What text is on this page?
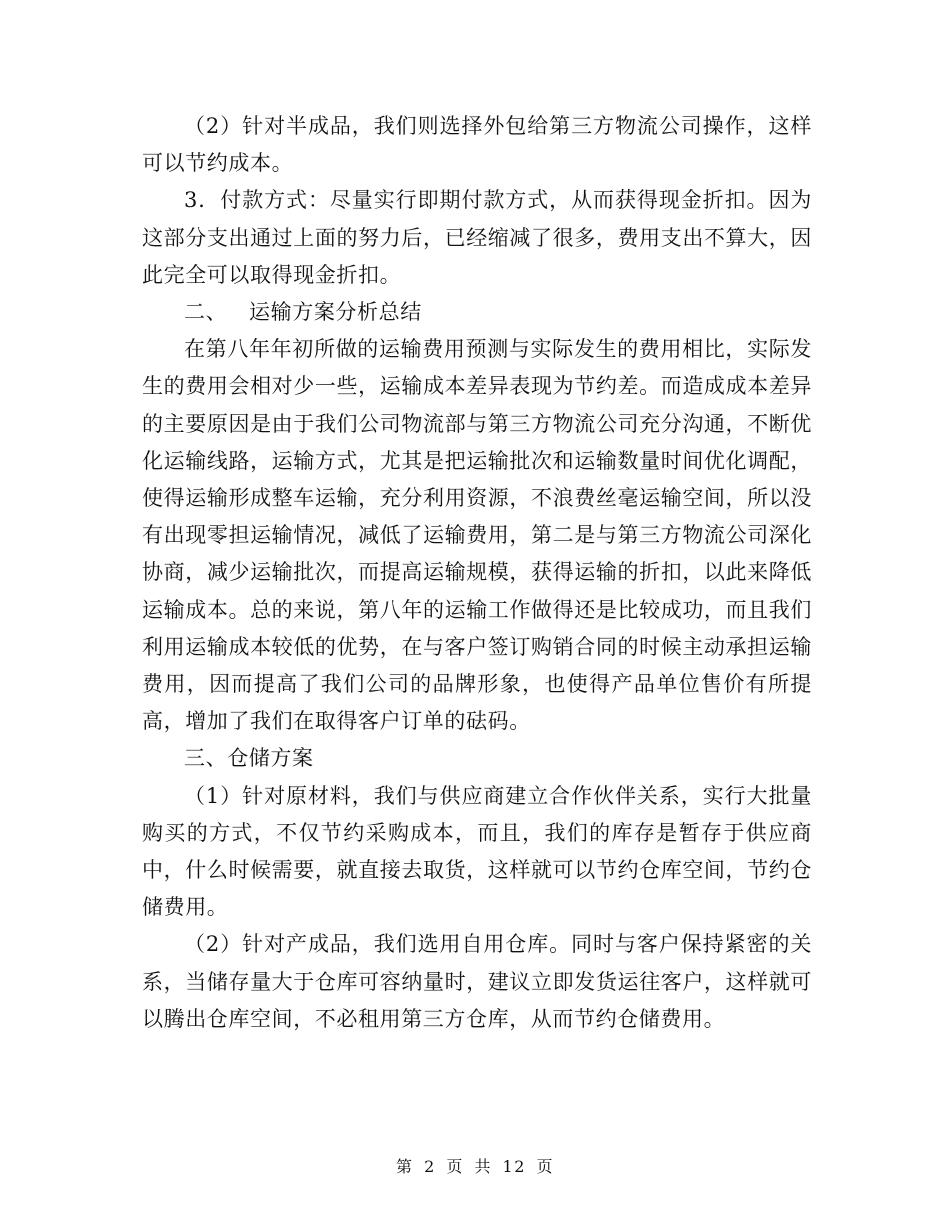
（2）针对半成品，我们则选择外包给第三方物流公司操作，这样可以节约成本。

3．付款方式：尽量实行即期付款方式，从而获得现金折扣。因为这部分支出通过上面的努力后，已经缩减了很多，费用支出不算大，因此完全可以取得现金折扣。

二、   运输方案分析总结

在第八年年初所做的运输费用预测与实际发生的费用相比，实际发生的费用会相对少一些，运输成本差异表现为节约差。而造成成本差异的主要原因是由于我们公司物流部与第三方物流公司充分沟通，不断优化运输线路，运输方式，尤其是把运输批次和运输数量时间优化调配，使得运输形成整车运输，充分利用资源，不浪费丝毫运输空间，所以没有出现零担运输情况，减低了运输费用，第二是与第三方物流公司深化协商，减少运输批次，而提高运输规模，获得运输的折扣，以此来降低运输成本。总的来说，第八年的运输工作做得还是比较成功，而且我们利用运输成本较低的优势，在与客户签订购销合同的时候主动承担运输费用，因而提高了我们公司的品牌形象，也使得产品单位售价有所提高，增加了我们在取得客户订单的砝码。

三、仓储方案

（1）针对原材料，我们与供应商建立合作伙伴关系，实行大批量购买的方式，不仅节约采购成本，而且，我们的库存是暂存于供应商中，什么时候需要，就直接去取货，这样就可以节约仓库空间，节约仓储费用。

（2）针对产成品，我们选用自用仓库。同时与客户保持紧密的关系，当储存量大于仓库可容纳量时，建议立即发货运往客户，这样就可以腾出仓库空间，不必租用第三方仓库，从而节约仓储费用。

第 2 页 共 12 页
